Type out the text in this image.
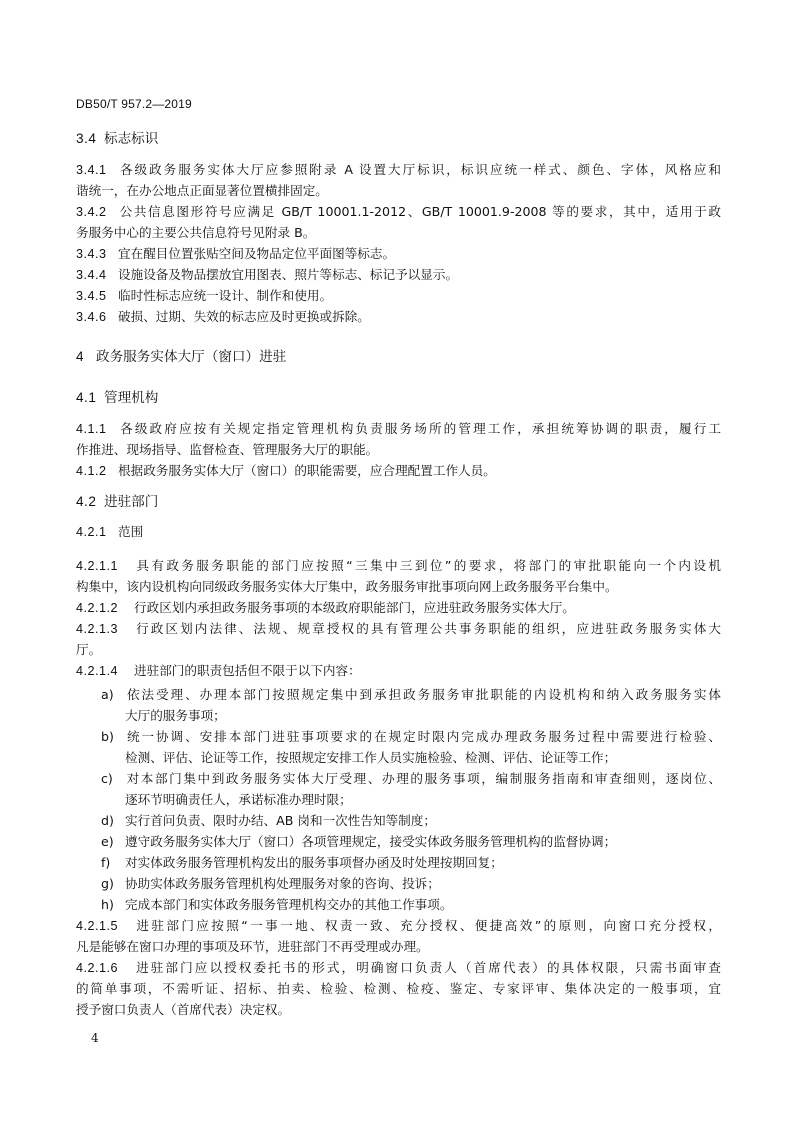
DB50/T 957.2—2019
3.4 标志标识
3.4.1 各级政务服务实体大厅应参照附录 A 设置大厅标识，标识应统一样式、颜色、字体，风格应和
谐统一，在办公地点正面显著位置横排固定。
3.4.2 公共信息图形符号应满足 GB/T 10001.1-2012、GB/T 10001.9-2008 等的要求，其中，适用于政
务服务中心的主要公共信息符号见附录 B。
3.4.3 宜在醒目位置张贴空间及物品定位平面图等标志。
3.4.4 设施设备及物品摆放宜用图表、照片等标志、标记予以显示。
3.4.5 临时性标志应统一设计、制作和使用。
3.4.6 破损、过期、失效的标志应及时更换或拆除。
4 政务服务实体大厅（窗口）进驻
4.1 管理机构
4.1.1 各级政府应按有关规定指定管理机构负责服务场所的管理工作，承担统筹协调的职责，履行工
作推进、现场指导、监督检查、管理服务大厅的职能。
4.1.2 根据政务服务实体大厅（窗口）的职能需要，应合理配置工作人员。
4.2 进驻部门
4.2.1 范围
4.2.1.1 具有政务服务职能的部门应按照“三集中三到位”的要求，将部门的审批职能向一个内设机
构集中，该内设机构向同级政务服务实体大厅集中，政务服务审批事项向网上政务服务平台集中。
4.2.1.2 行政区划内承担政务服务事项的本级政府职能部门，应进驻政务服务实体大厅。
4.2.1.3 行政区划内法律、法规、规章授权的具有管理公共事务职能的组织，应进驻政务服务实体大
厅。
4.2.1.4 进驻部门的职责包括但不限于以下内容：
a) 依法受理、办理本部门按照规定集中到承担政务服务审批职能的内设机构和纳入政务服务实体
大厅的服务事项；
b) 统一协调、安排本部门进驻事项要求的在规定时限内完成办理政务服务过程中需要进行检验、
检测、评估、论证等工作，按照规定安排工作人员实施检验、检测、评估、论证等工作；
c) 对本部门集中到政务服务实体大厅受理、办理的服务事项，编制服务指南和审查细则，逐岗位、
逐环节明确责任人，承诺标准办理时限；
d) 实行首问负责、限时办结、AB 岗和一次性告知等制度；
e) 遵守政务服务实体大厅（窗口）各项管理规定，接受实体政务服务管理机构的监督协调；
f) 对实体政务服务管理机构发出的服务事项督办函及时处理按期回复；
g) 协助实体政务服务管理机构处理服务对象的咨询、投诉；
h) 完成本部门和实体政务服务管理机构交办的其他工作事项。
4.2.1.5 进驻部门应按照“一事一地、权责一致、充分授权、便捷高效”的原则，向窗口充分授权，
凡是能够在窗口办理的事项及环节，进驻部门不再受理或办理。
4.2.1.6 进驻部门应以授权委托书的形式，明确窗口负责人（首席代表）的具体权限，只需书面审查
的简单事项，不需听证、招标、拍卖、检验、检测、检疫、鉴定、专家评审、集体决定的一般事项，宜
授予窗口负责人（首席代表）决定权。
4
